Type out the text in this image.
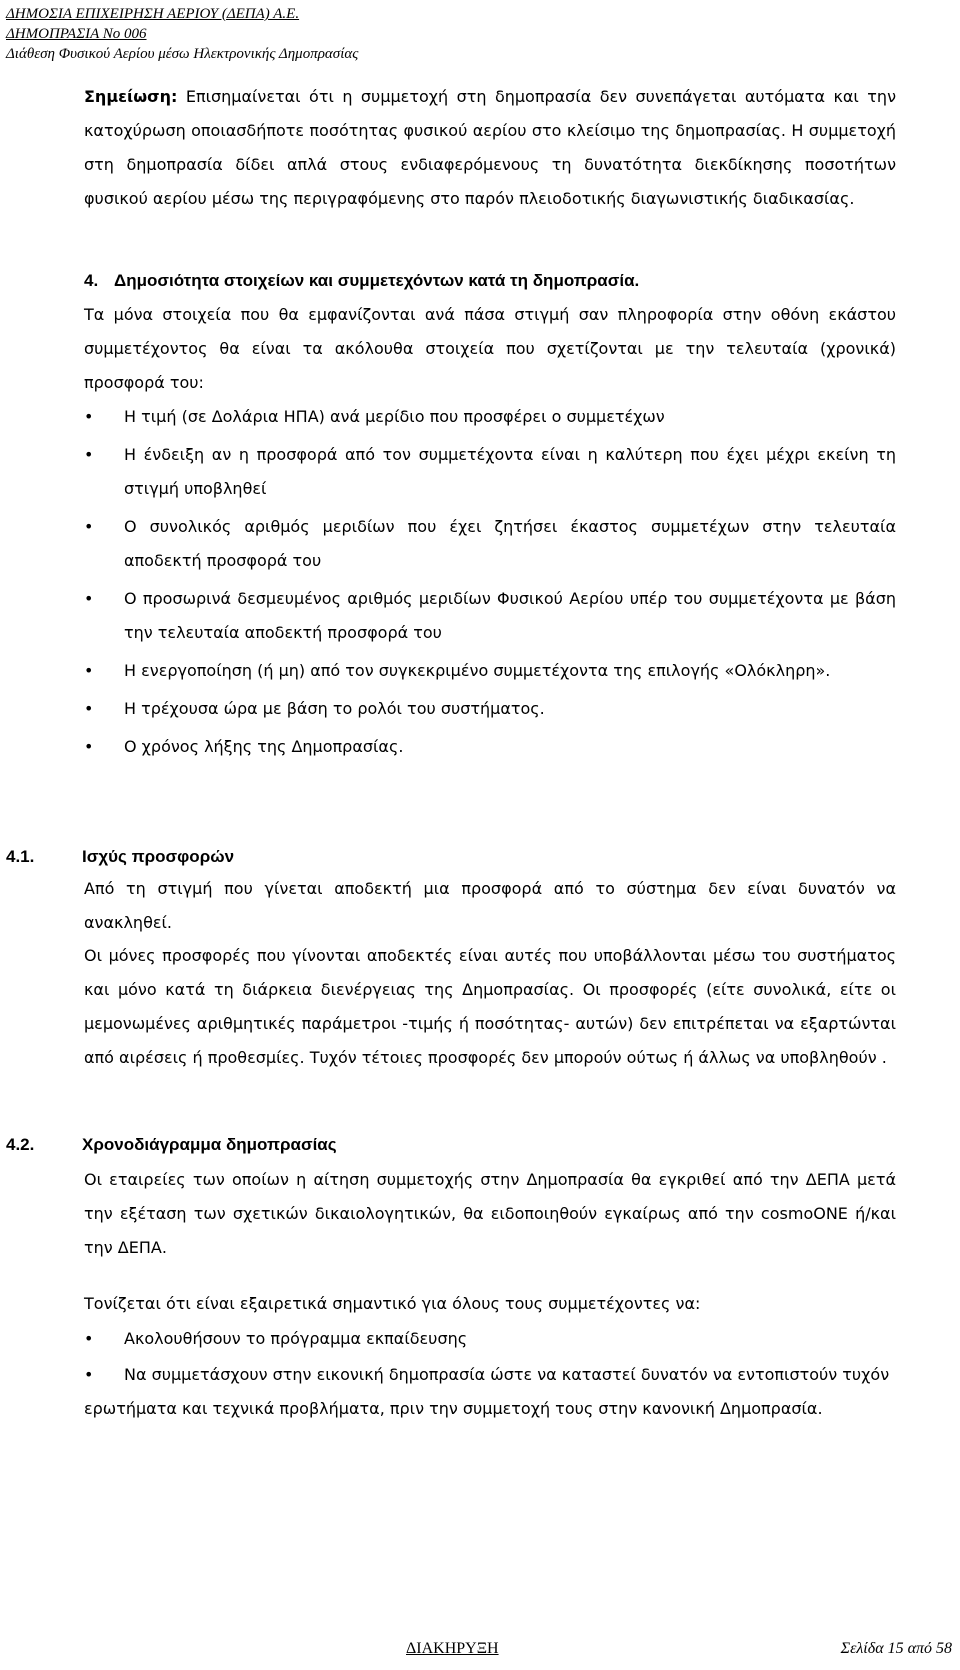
ΔΗΜΟΣΙΑ ΕΠΙΧΕΙΡΗΣΗ ΑΕΡΙΟΥ (ΔΕΠΑ) Α.Ε.
ΔΗΜΟΠΡΑΣΙΑ Νο 006
Διάθεση Φυσικού Αερίου μέσω Ηλεκτρονικής Δημοπρασίας
Σημείωση: Επισημαίνεται ότι η συμμετοχή στη δημοπρασία δεν συνεπάγεται αυτόματα και την κατοχύρωση οποιασδήποτε ποσότητας φυσικού αερίου στο κλείσιμο της δημοπρασίας. Η συμμετοχή στη δημοπρασία δίδει απλά στους ενδιαφερόμενους τη δυνατότητα διεκδίκησης ποσοτήτων φυσικού αερίου μέσω της περιγραφόμενης στο παρόν πλειοδοτικής διαγωνιστικής διαδικασίας.
4. Δημοσιότητα στοιχείων και συμμετεχόντων κατά τη δημοπρασία.
Τα μόνα στοιχεία που θα εμφανίζονται ανά πάσα στιγμή σαν πληροφορία στην οθόνη εκάστου συμμετέχοντος θα είναι τα ακόλουθα στοιχεία που σχετίζονται με την τελευταία (χρονικά) προσφορά του:
• Η τιμή (σε Δολάρια ΗΠΑ) ανά μερίδιο που προσφέρει ο συμμετέχων
• Η ένδειξη αν η προσφορά από τον συμμετέχοντα είναι η καλύτερη που έχει μέχρι εκείνη τη στιγμή υποβληθεί
• Ο συνολικός αριθμός μεριδίων που έχει ζητήσει έκαστος συμμετέχων στην τελευταία αποδεκτή προσφορά του
• Ο προσωρινά δεσμευμένος αριθμός μεριδίων Φυσικού Αερίου υπέρ του συμμετέχοντα με βάση την τελευταία αποδεκτή προσφορά του
• Η ενεργοποίηση (ή μη) από τον συγκεκριμένο συμμετέχοντα της επιλογής «Ολόκληρη».
• Η τρέχουσα ώρα με βάση το ρολόι του συστήματος.
• Ο χρόνος λήξης της Δημοπρασίας.
4.1.	Ισχύς προσφορών
Από τη στιγμή που γίνεται αποδεκτή μια προσφορά από το σύστημα δεν είναι δυνατόν να ανακληθεί.
Οι μόνες προσφορές που γίνονται αποδεκτές είναι αυτές που υποβάλλονται μέσω του συστήματος και μόνο κατά τη διάρκεια διενέργειας της Δημοπρασίας. Οι προσφορές (είτε συνολικά, είτε οι μεμονωμένες αριθμητικές παράμετροι -τιμής ή ποσότητας- αυτών) δεν επιτρέπεται να εξαρτώνται από αιρέσεις ή προθεσμίες. Τυχόν τέτοιες προσφορές δεν μπορούν ούτως ή άλλως να υποβληθούν .
4.2.	Χρονοδιάγραμμα δημοπρασίας
Οι εταιρείες των οποίων η αίτηση συμμετοχής στην Δημοπρασία θα εγκριθεί από την ΔΕΠΑ μετά την εξέταση των σχετικών δικαιολογητικών, θα ειδοποιηθούν εγκαίρως από την cosmoONE ή/και την ΔΕΠΑ.
Τονίζεται ότι είναι εξαιρετικά σημαντικό για όλους τους συμμετέχοντες να:
• Ακολουθήσουν το πρόγραμμα εκπαίδευσης
• Να συμμετάσχουν στην εικονική δημοπρασία ώστε να καταστεί δυνατόν να εντοπιστούν τυχόν ερωτήματα και τεχνικά προβλήματα, πριν την συμμετοχή τους στην κανονική Δημοπρασία.
ΔΙΑΚΗΡΥΞΗ	Σελίδα 15 από 58
